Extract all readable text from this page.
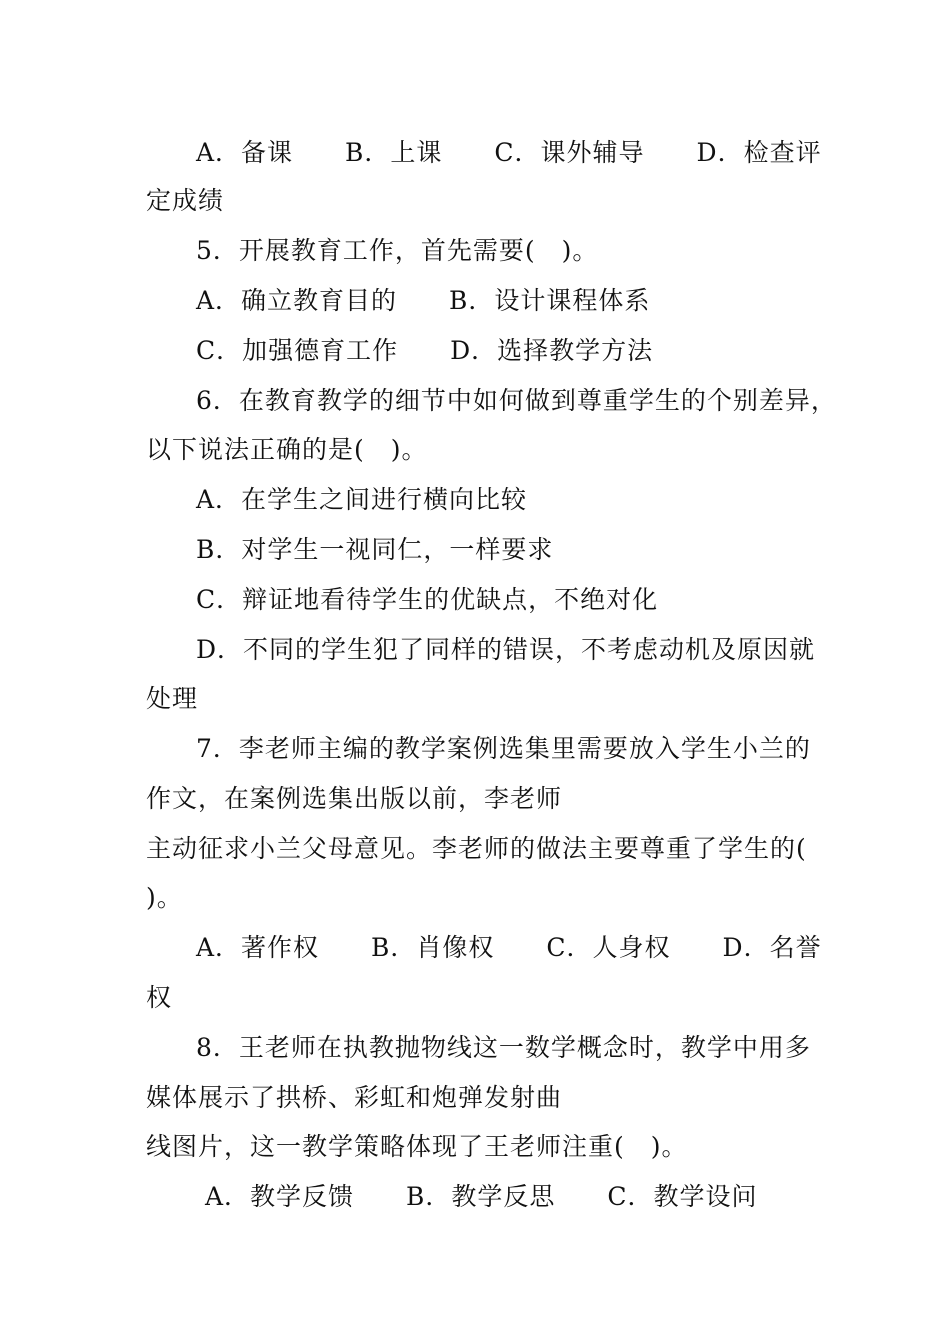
A．备课　　B．上课　　C．课外辅导　　D．检查评
定成绩
5．开展教育工作，首先需要(　)。
A．确立教育目的　　B．设计课程体系
C．加强德育工作　　D．选择教学方法
6．在教育教学的细节中如何做到尊重学生的个别差异，
以下说法正确的是(　)。
A．在学生之间进行横向比较
B．对学生一视同仁，一样要求
C．辩证地看待学生的优缺点，不绝对化
D．不同的学生犯了同样的错误，不考虑动机及原因就
处理
7．李老师主编的教学案例选集里需要放入学生小兰的
作文，在案例选集出版以前，李老师
主动征求小兰父母意见。李老师的做法主要尊重了学生的(
)。
A．著作权　　B．肖像权　　C．人身权　　D．名誉
权
8．王老师在执教抛物线这一数学概念时，教学中用多
媒体展示了拱桥、彩虹和炮弹发射曲
线图片，这一教学策略体现了王老师注重(　)。
A．教学反馈　　B．教学反思　　C．教学设问
